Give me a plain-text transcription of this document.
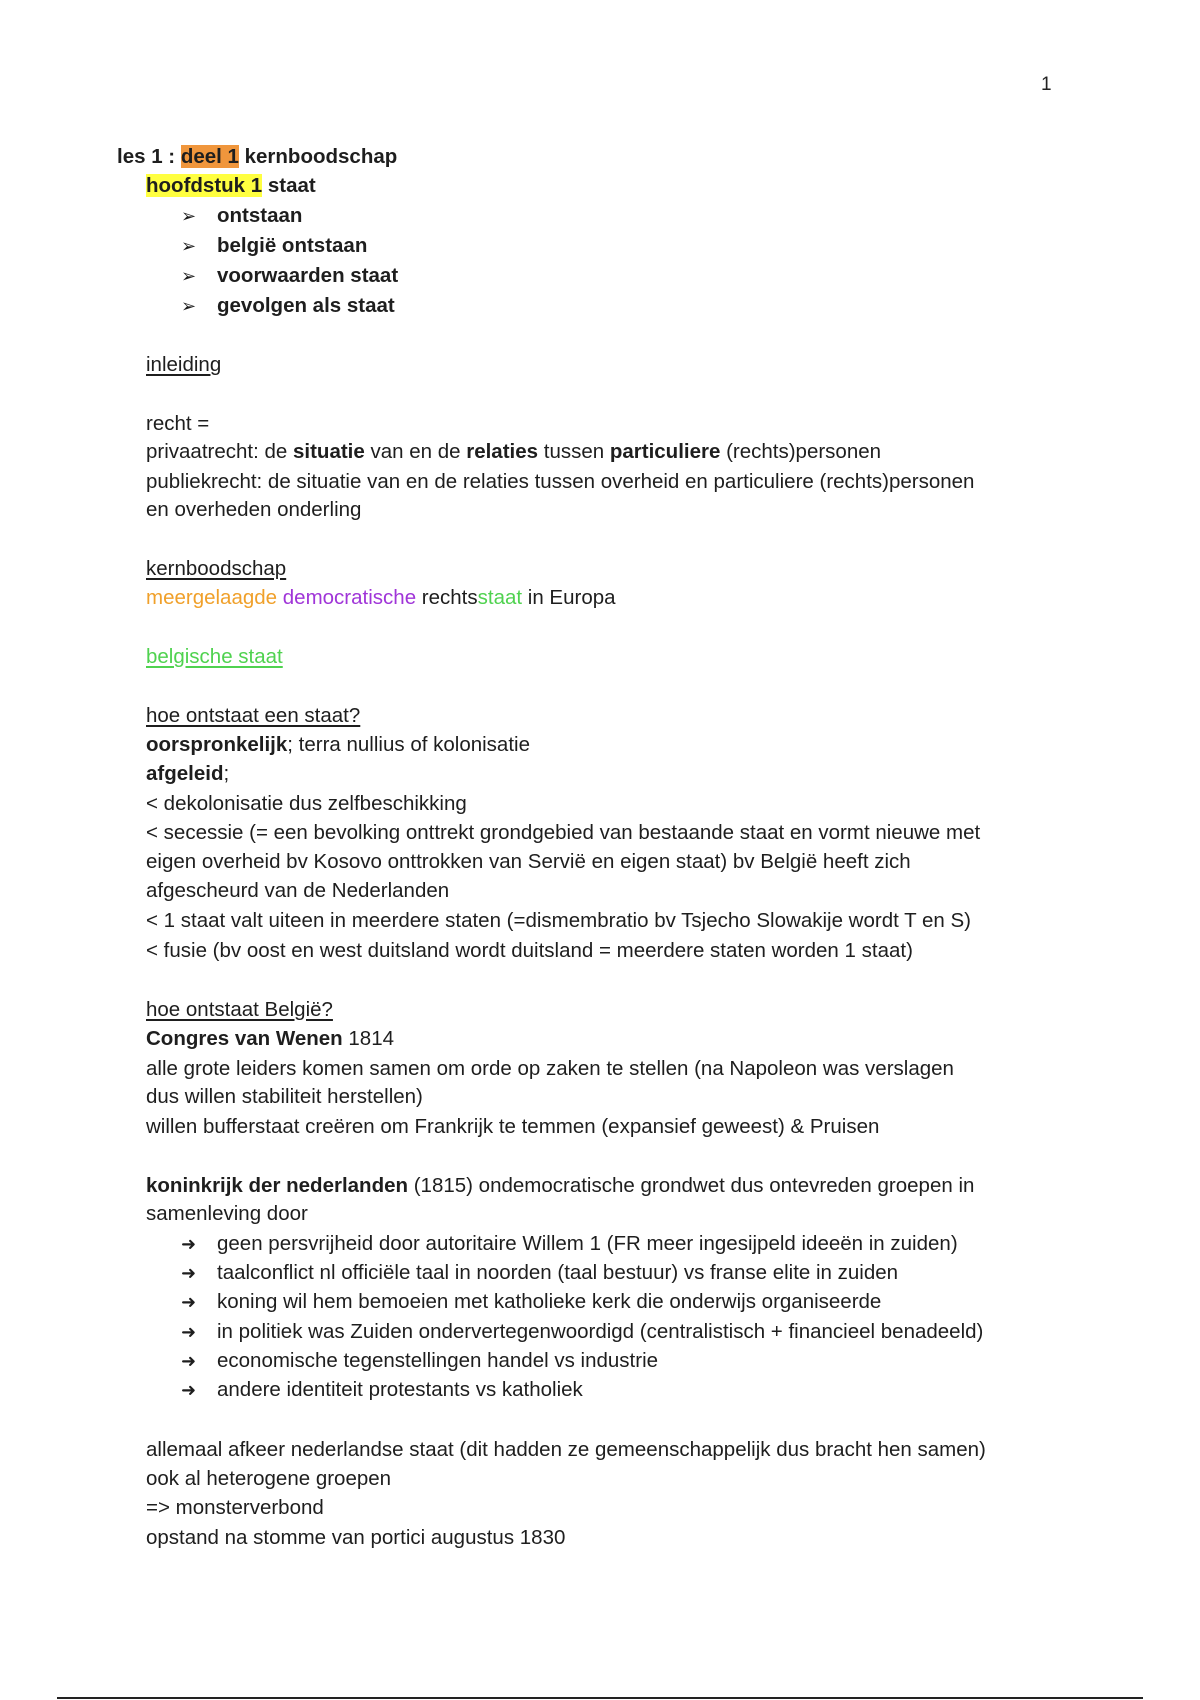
1
les 1 : deel 1 kernboodschap
hoofdstuk 1 staat
➢ ontstaan
➢ belgië ontstaan
➢ voorwaarden staat
➢ gevolgen als staat
inleiding
recht =
privaatrecht: de situatie van en de relaties tussen particuliere (rechts)personen
publiekrecht: de situatie van en de relaties tussen overheid en particuliere (rechts)personen
en overheden onderling
kernboodschap
meergelaagde democratische rechtsstaat in Europa
belgische staat
hoe ontstaat een staat?
oorspronkelijk; terra nullius of kolonisatie
afgeleid;
< dekolonisatie dus zelfbeschikking
< secessie (= een bevolking onttrekt grondgebied van bestaande staat en vormt nieuwe met
eigen overheid bv Kosovo onttrokken van Servië en eigen staat) bv België heeft zich
afgescheurd van de Nederlanden
< 1 staat valt uiteen in meerdere staten (=dismembratio bv Tsjecho Slowakije wordt T en S)
< fusie (bv oost en west duitsland wordt duitsland = meerdere staten worden 1 staat)
hoe ontstaat België?
Congres van Wenen 1814
alle grote leiders komen samen om orde op zaken te stellen (na Napoleon was verslagen
dus willen stabiliteit herstellen)
willen bufferstaat creëren om Frankrijk te temmen (expansief geweest) & Pruisen
koninkrijk der nederlanden (1815) ondemocratische grondwet dus ontevreden groepen in
samenleving door
➜ geen persvrijheid door autoritaire Willem 1 (FR meer ingesijpeld ideeën in zuiden)
➜ taalconflict nl officiële taal in noorden (taal bestuur) vs franse elite in zuiden
➜ koning wil hem bemoeien met katholieke kerk die onderwijs organiseerde
➜ in politiek was Zuiden ondervertegenwoordigd (centralistisch + financieel benadeeld)
➜ economische tegenstellingen handel vs industrie
➜ andere identiteit protestants vs katholiek
allemaal afkeer nederlandse staat (dit hadden ze gemeenschappelijk dus bracht hen samen)
ook al heterogene groepen
=> monsterverbond
opstand na stomme van portici augustus 1830
